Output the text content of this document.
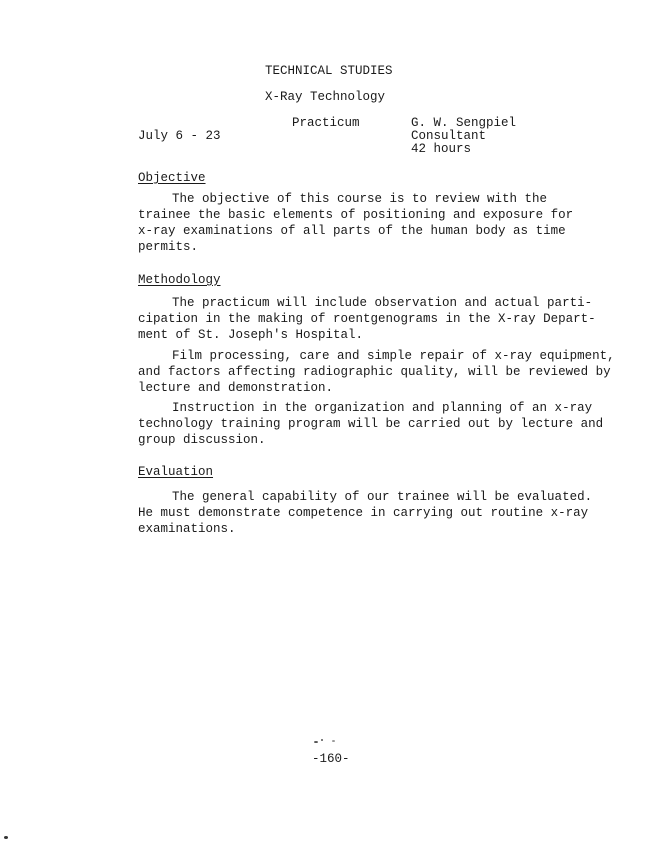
TECHNICAL STUDIES
X-Ray Technology
Practicum
July 6 - 23
G. W. Sengpiel
Consultant
42 hours
Objective
The objective of this course is to review with the
trainee the basic elements of positioning and exposure for
x-ray examinations of all parts of the human body as time
permits.
Methodology
The practicum will include observation and actual parti-
cipation in the making of roentgenograms in the X-ray Depart-
ment of St. Joseph's Hospital.
Film processing, care and simple repair of x-ray equipment,
and factors affecting radiographic quality, will be reviewed by
lecture and demonstration.
Instruction in the organization and planning of an x-ray
technology training program will be carried out by lecture and
group discussion.
Evaluation
The general capability of our trainee will be evaluated.
He must demonstrate competence in carrying out routine x-ray
examinations.
-160-
